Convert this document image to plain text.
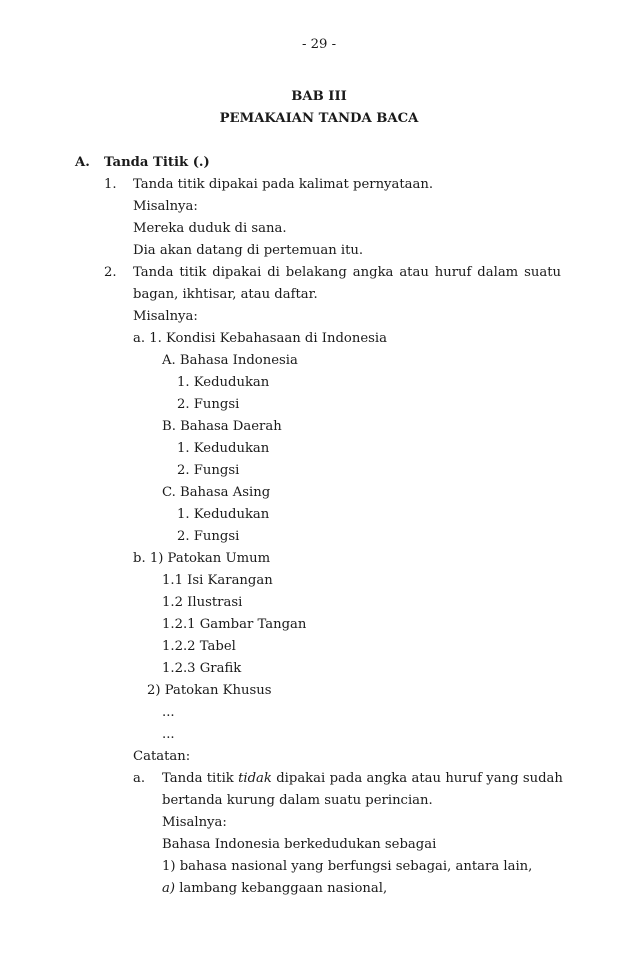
- 29 -
BAB III
PEMAKAIAN TANDA BACA
A. Tanda Titik (.)
1. Tanda titik dipakai pada kalimat pernyataan.
Misalnya:
Mereka duduk di sana.
Dia akan datang di pertemuan itu.
2. Tanda titik dipakai di belakang angka atau huruf dalam suatu
bagan, ikhtisar, atau daftar.
Misalnya:
a. 1. Kondisi Kebahasaan di Indonesia
A. Bahasa Indonesia
1. Kedudukan
2. Fungsi
B. Bahasa Daerah
1. Kedudukan
2. Fungsi
C. Bahasa Asing
1. Kedudukan
2. Fungsi
b. 1) Patokan Umum
1.1 Isi Karangan
1.2 Ilustrasi
1.2.1 Gambar Tangan
1.2.2 Tabel
1.2.3 Grafik
2) Patokan Khusus
...
...
Catatan:
a. Tanda titik tidak dipakai pada angka atau huruf yang sudah
bertanda kurung dalam suatu perincian.
Misalnya:
Bahasa Indonesia berkedudukan sebagai
1) bahasa nasional yang berfungsi sebagai, antara lain,
a) lambang kebanggaan nasional,
